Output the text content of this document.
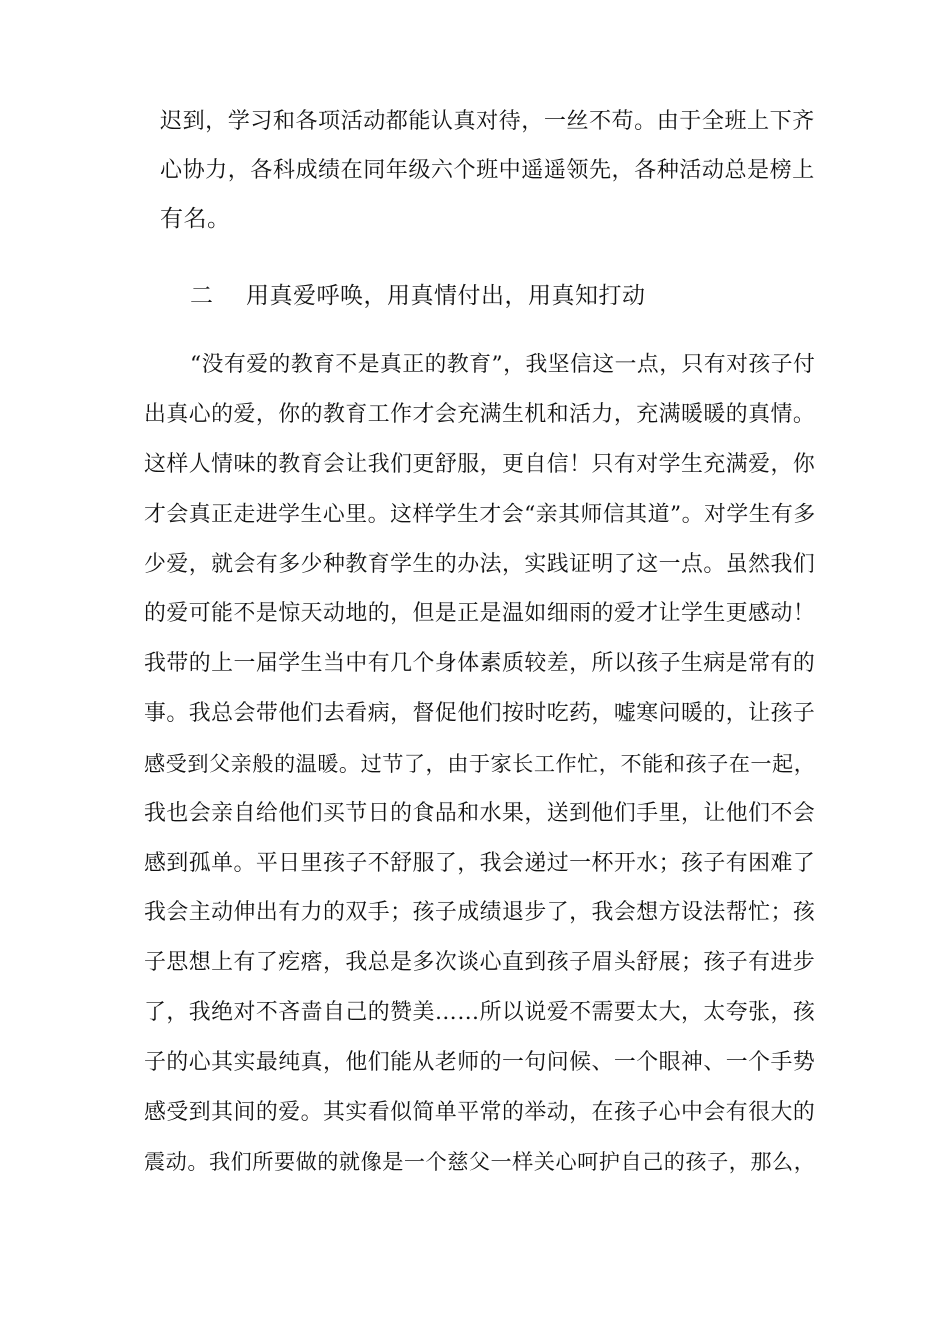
迟到，学习和各项活动都能认真对待，一丝不苟。由于全班上下齐
心协力，各科成绩在同年级六个班中遥遥领先，各种活动总是榜上
有名。
二 用真爱呼唤，用真情付出，用真知打动
“没有爱的教育不是真正的教育”，我坚信这一点，只有对孩子付
出真心的爱，你的教育工作才会充满生机和活力，充满暖暖的真情。
这样人情味的教育会让我们更舒服，更自信！只有对学生充满爱，你
才会真正走进学生心里。这样学生才会“亲其师信其道”。对学生有多
少爱，就会有多少种教育学生的办法，实践证明了这一点。虽然我们
的爱可能不是惊天动地的，但是正是温如细雨的爱才让学生更感动！
我带的上一届学生当中有几个身体素质较差，所以孩子生病是常有的
事。我总会带他们去看病，督促他们按时吃药，嘘寒问暖的，让孩子
感受到父亲般的温暖。过节了，由于家长工作忙，不能和孩子在一起，
我也会亲自给他们买节日的食品和水果，送到他们手里，让他们不会
感到孤单。平日里孩子不舒服了，我会递过一杯开水；孩子有困难了
我会主动伸出有力的双手；孩子成绩退步了，我会想方设法帮忙；孩
子思想上有了疙瘩，我总是多次谈心直到孩子眉头舒展；孩子有进步
了，我绝对不吝啬自己的赞美……所以说爱不需要太大，太夸张，孩
子的心其实最纯真，他们能从老师的一句问候、一个眼神、一个手势
感受到其间的爱。其实看似简单平常的举动，在孩子心中会有很大的
震动。我们所要做的就像是一个慈父一样关心呵护自己的孩子，那么，
